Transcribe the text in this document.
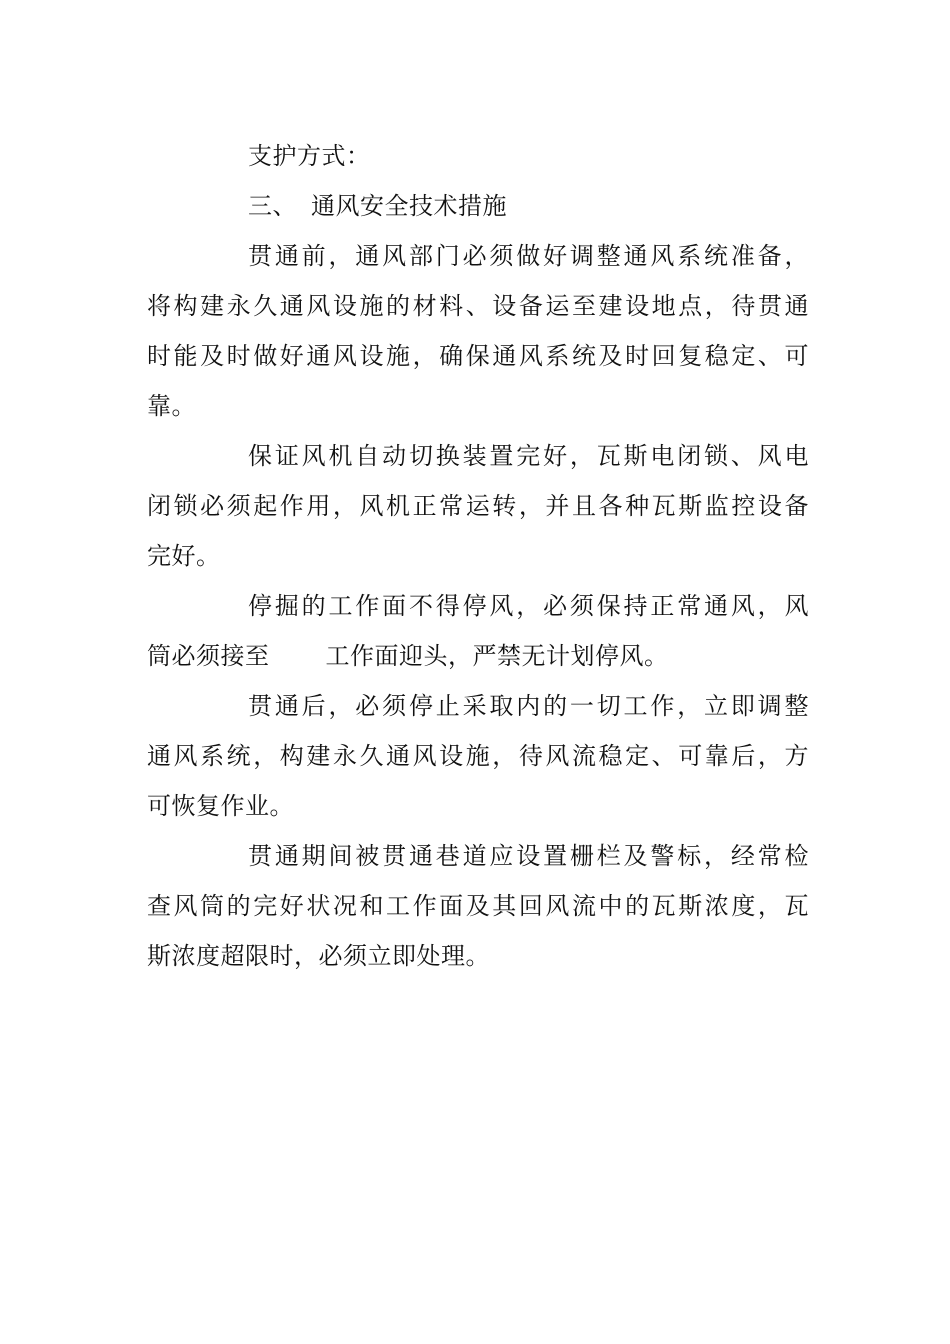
支护方式：
三、 通风安全技术措施
贯通前，通风部门必须做好调整通风系统准备，
将构建永久通风设施的材料、设备运至建设地点，待贯通
时能及时做好通风设施，确保通风系统及时回复稳定、可
靠。
保证风机自动切换装置完好，瓦斯电闭锁、风电
闭锁必须起作用，风机正常运转，并且各种瓦斯监控设备
完好。
停掘的工作面不得停风，必须保持正常通风，风
筒必须接至 工作面迎头，严禁无计划停风。
贯通后，必须停止采取内的一切工作，立即调整
通风系统，构建永久通风设施，待风流稳定、可靠后，方
可恢复作业。
贯通期间被贯通巷道应设置栅栏及警标，经常检
查风筒的完好状况和工作面及其回风流中的瓦斯浓度，瓦
斯浓度超限时，必须立即处理。
